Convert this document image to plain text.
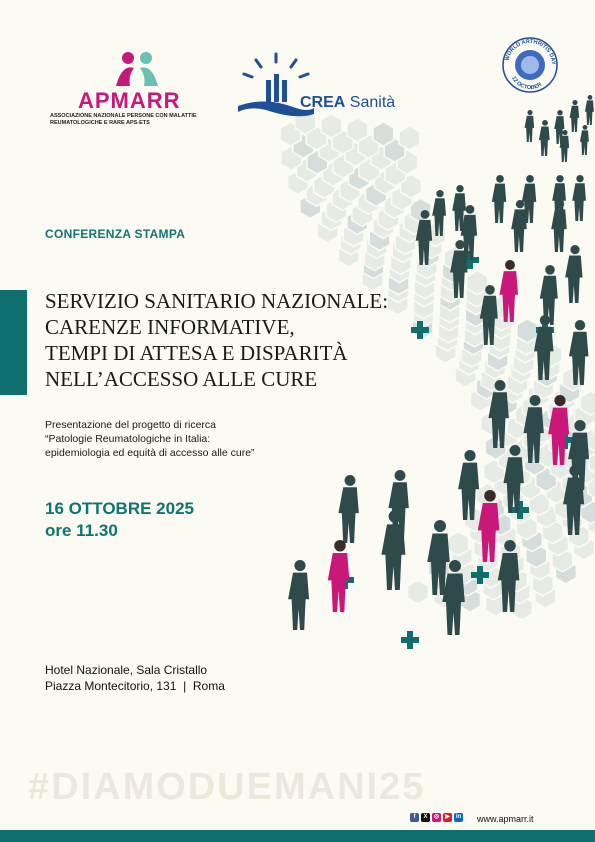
APMARR
ASSOCIAZIONE NAZIONALE PERSONE CON MALATTIE REUMATOLOGICHE E RARE APS-ETS
CREA Sanità
WORLD ARTHRITIS DAY
12 OCTOBER
CONFERENZA STAMPA
SERVIZIO SANITARIO NAZIONALE:
CARENZE INFORMATIVE,
TEMPI DI ATTESA E DISPARITÀ
NELL’ACCESSO ALLE CURE
Presentazione del progetto di ricerca
“Patologie Reumatologiche in Italia:
epidemiologia ed equità di accesso alle cure”
16 OTTOBRE 2025
ore 11.30
Hotel Nazionale, Sala Cristallo
Piazza Montecitorio, 131  |  Roma
#DIAMODUEMANI25
f	X	◎	▶	in www.apmarr.it
